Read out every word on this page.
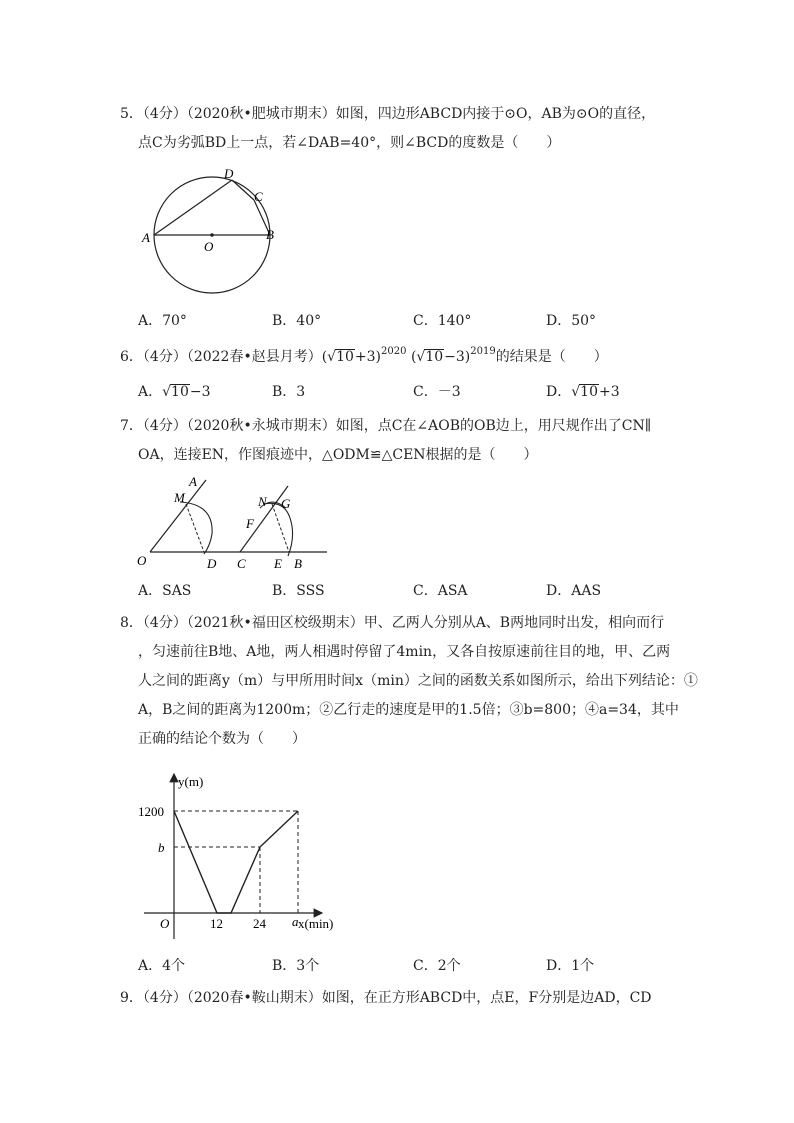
5．（4分）（2020秋•肥城市期末）如图，四边形ABCD内接于⊙O，AB为⊙O的直径，
点C为劣弧BD上一点，若∠DAB=40°，则∠BCD的度数是（　　）
A
O
D
C
B
A．70°	B．40°	C．140°	D．50°
6．（4分）（2022春•赵县月考）$(√10+3)^{2020}$ $(√10-3)^{2019}$的结果是（　　）
A．√10−3	B．3	C．－3	D．√10+3
7．（4分）（2020秋•永城市期末）如图，点C在∠AOB的OB边上，用尺规作出了CN∥
OA，连接EN，作图痕迹中，△ODM≌△CEN根据的是（　　）
A
M
O	D
N G
F
C E B
A．SAS	B．SSS	C．ASA	D．AAS
8．（4分）（2021秋•福田区校级期末）甲、乙两人分别从A、B两地同时出发，相向而行
，匀速前往B地、A地，两人相遇时停留了4min，又各自按原速前往目的地，甲、乙两
人之间的距离y（m）与甲所用时间x（min）之间的函数关系如图所示，给出下列结论：①
A，B之间的距离为1200m；②乙行走的速度是甲的1.5倍；③b=800；④a=34，其中
正确的结论个数为（　　）
y(m)
x(min)
1200
b
O	12 24 a
A．4个	B．3个	C．2个	D．1个
9．（4分）（2020春•鞍山期末）如图，在正方形ABCD中，点E，F分别是边AD，CD
